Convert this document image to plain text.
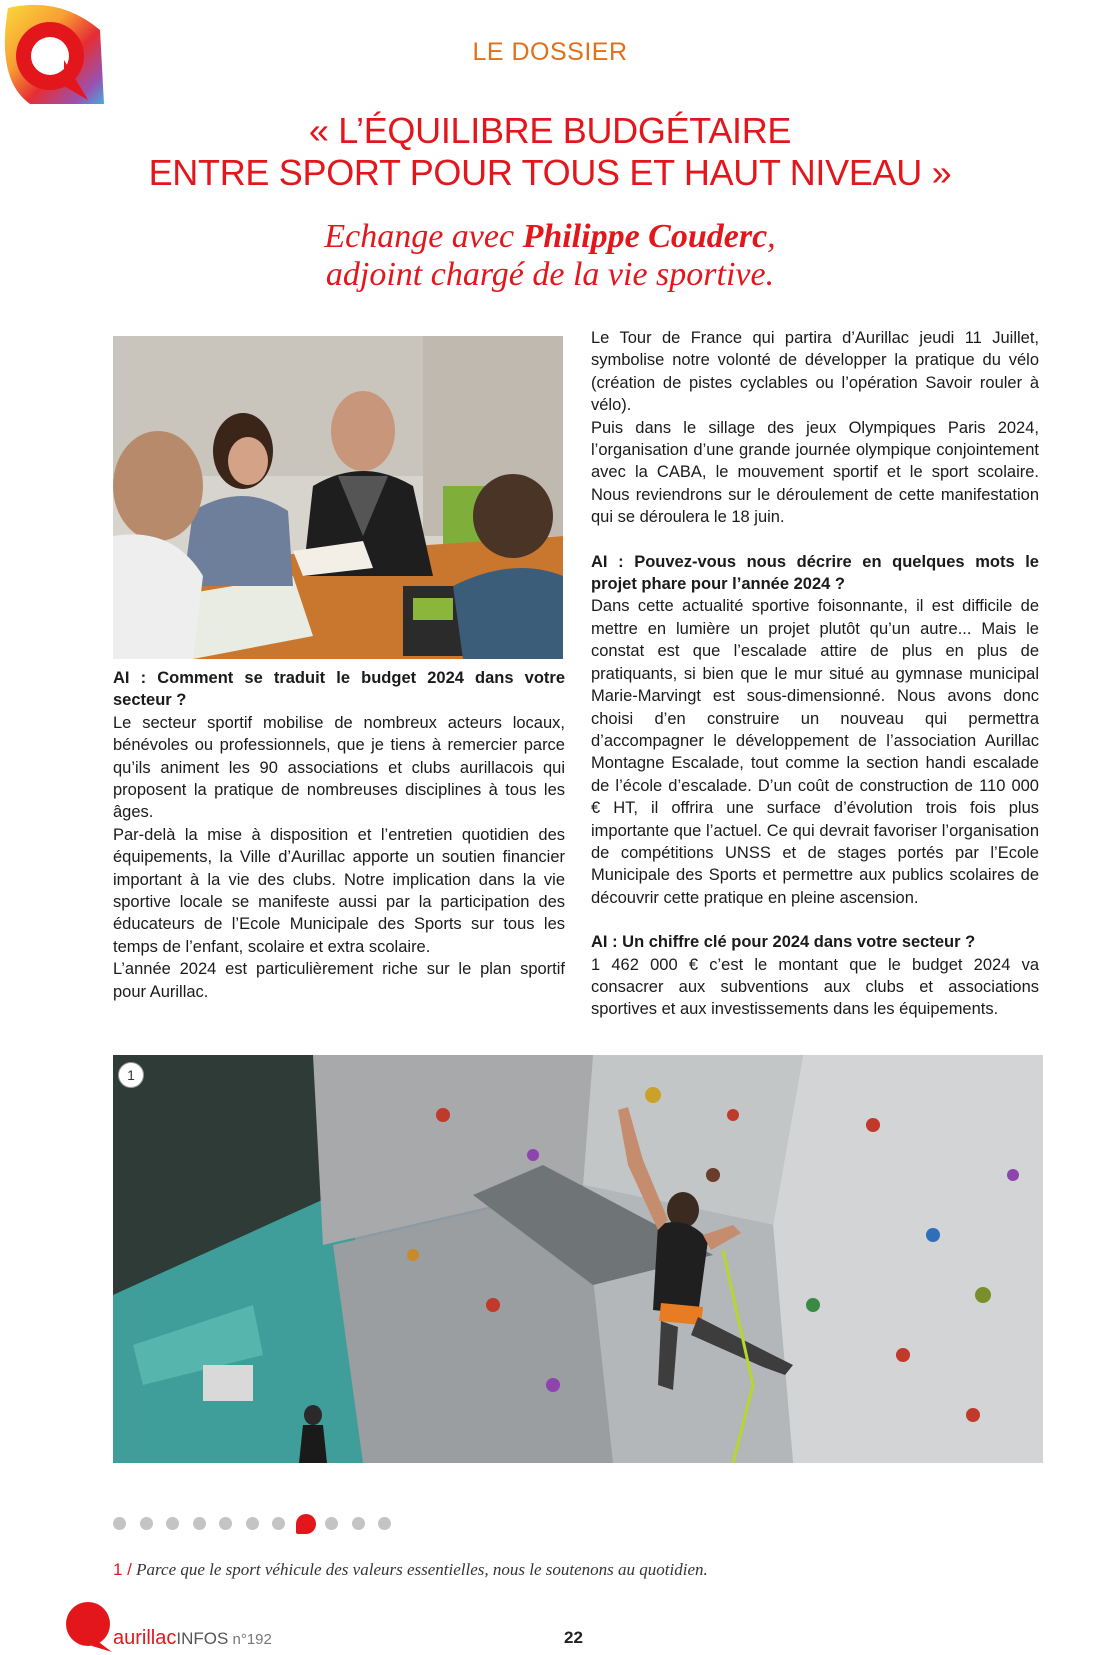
LE DOSSIER
« L’ÉQUILIBRE BUDGÉTAIRE
ENTRE SPORT POUR TOUS ET HAUT NIVEAU »
Echange avec Philippe Couderc,
adjoint chargé de la vie sportive.

AI : Comment se traduit le budget 2024 dans votre secteur ?

Le secteur sportif mobilise de nombreux acteurs locaux, bénévoles ou professionnels, que je tiens à remercier parce qu’ils animent les 90 associations et clubs aurillacois qui proposent la pratique de nombreuses disciplines à tous les âges.

Par-delà la mise à disposition et l’entretien quotidien des équipements, la Ville d’Aurillac apporte un soutien financier important à la vie des clubs. Notre implication dans la vie sportive locale se manifeste aussi par la participation des éducateurs de l’Ecole Municipale des Sports sur tous les temps de l’enfant, scolaire et extra scolaire.

L’année 2024 est particulièrement riche sur le plan sportif pour Aurillac.

Le Tour de France qui partira d’Aurillac jeudi 11 Juillet, symbolise notre volonté de développer la pratique du vélo (création de pistes cyclables ou l’opération Savoir rouler à vélo).

Puis dans le sillage des jeux Olympiques Paris 2024, l’organisation d’une grande journée olympique conjointement avec la CABA, le mouvement sportif et le sport scolaire. Nous reviendrons sur le déroulement de cette manifestation qui se déroulera le 18 juin.

AI : Pouvez-vous nous décrire en quelques mots le projet phare pour l’année 2024 ?

Dans cette actualité sportive foisonnante, il est difficile de mettre en lumière un projet plutôt qu’un autre... Mais le constat est que l’escalade attire de plus en plus de pratiquants, si bien que le mur situé au gymnase municipal Marie-Marvingt est sous-dimensionné. Nous avons donc choisi d’en construire un nouveau qui permettra d’accompagner le développement de l’association Aurillac Montagne Escalade, tout comme la section handi escalade de l’école d’escalade. D’un coût de construction de 110 000 € HT, il offrira une surface d’évolution trois fois plus importante que l’actuel. Ce qui devrait favoriser l’organisation de compétitions UNSS et de stages portés par l’Ecole Municipale des Sports et permettre aux publics scolaires de découvrir cette pratique en pleine ascension.

AI : Un chiffre clé pour 2024 dans votre secteur ?

1 462 000 € c’est le montant que le budget 2024 va consacrer aux subventions aux clubs et associations sportives et aux investissements dans les équipements.

1
1 / Parce que le sport véhicule des valeurs essentielles, nous le soutenons au quotidien.
aurillacINFOS n°192	22
